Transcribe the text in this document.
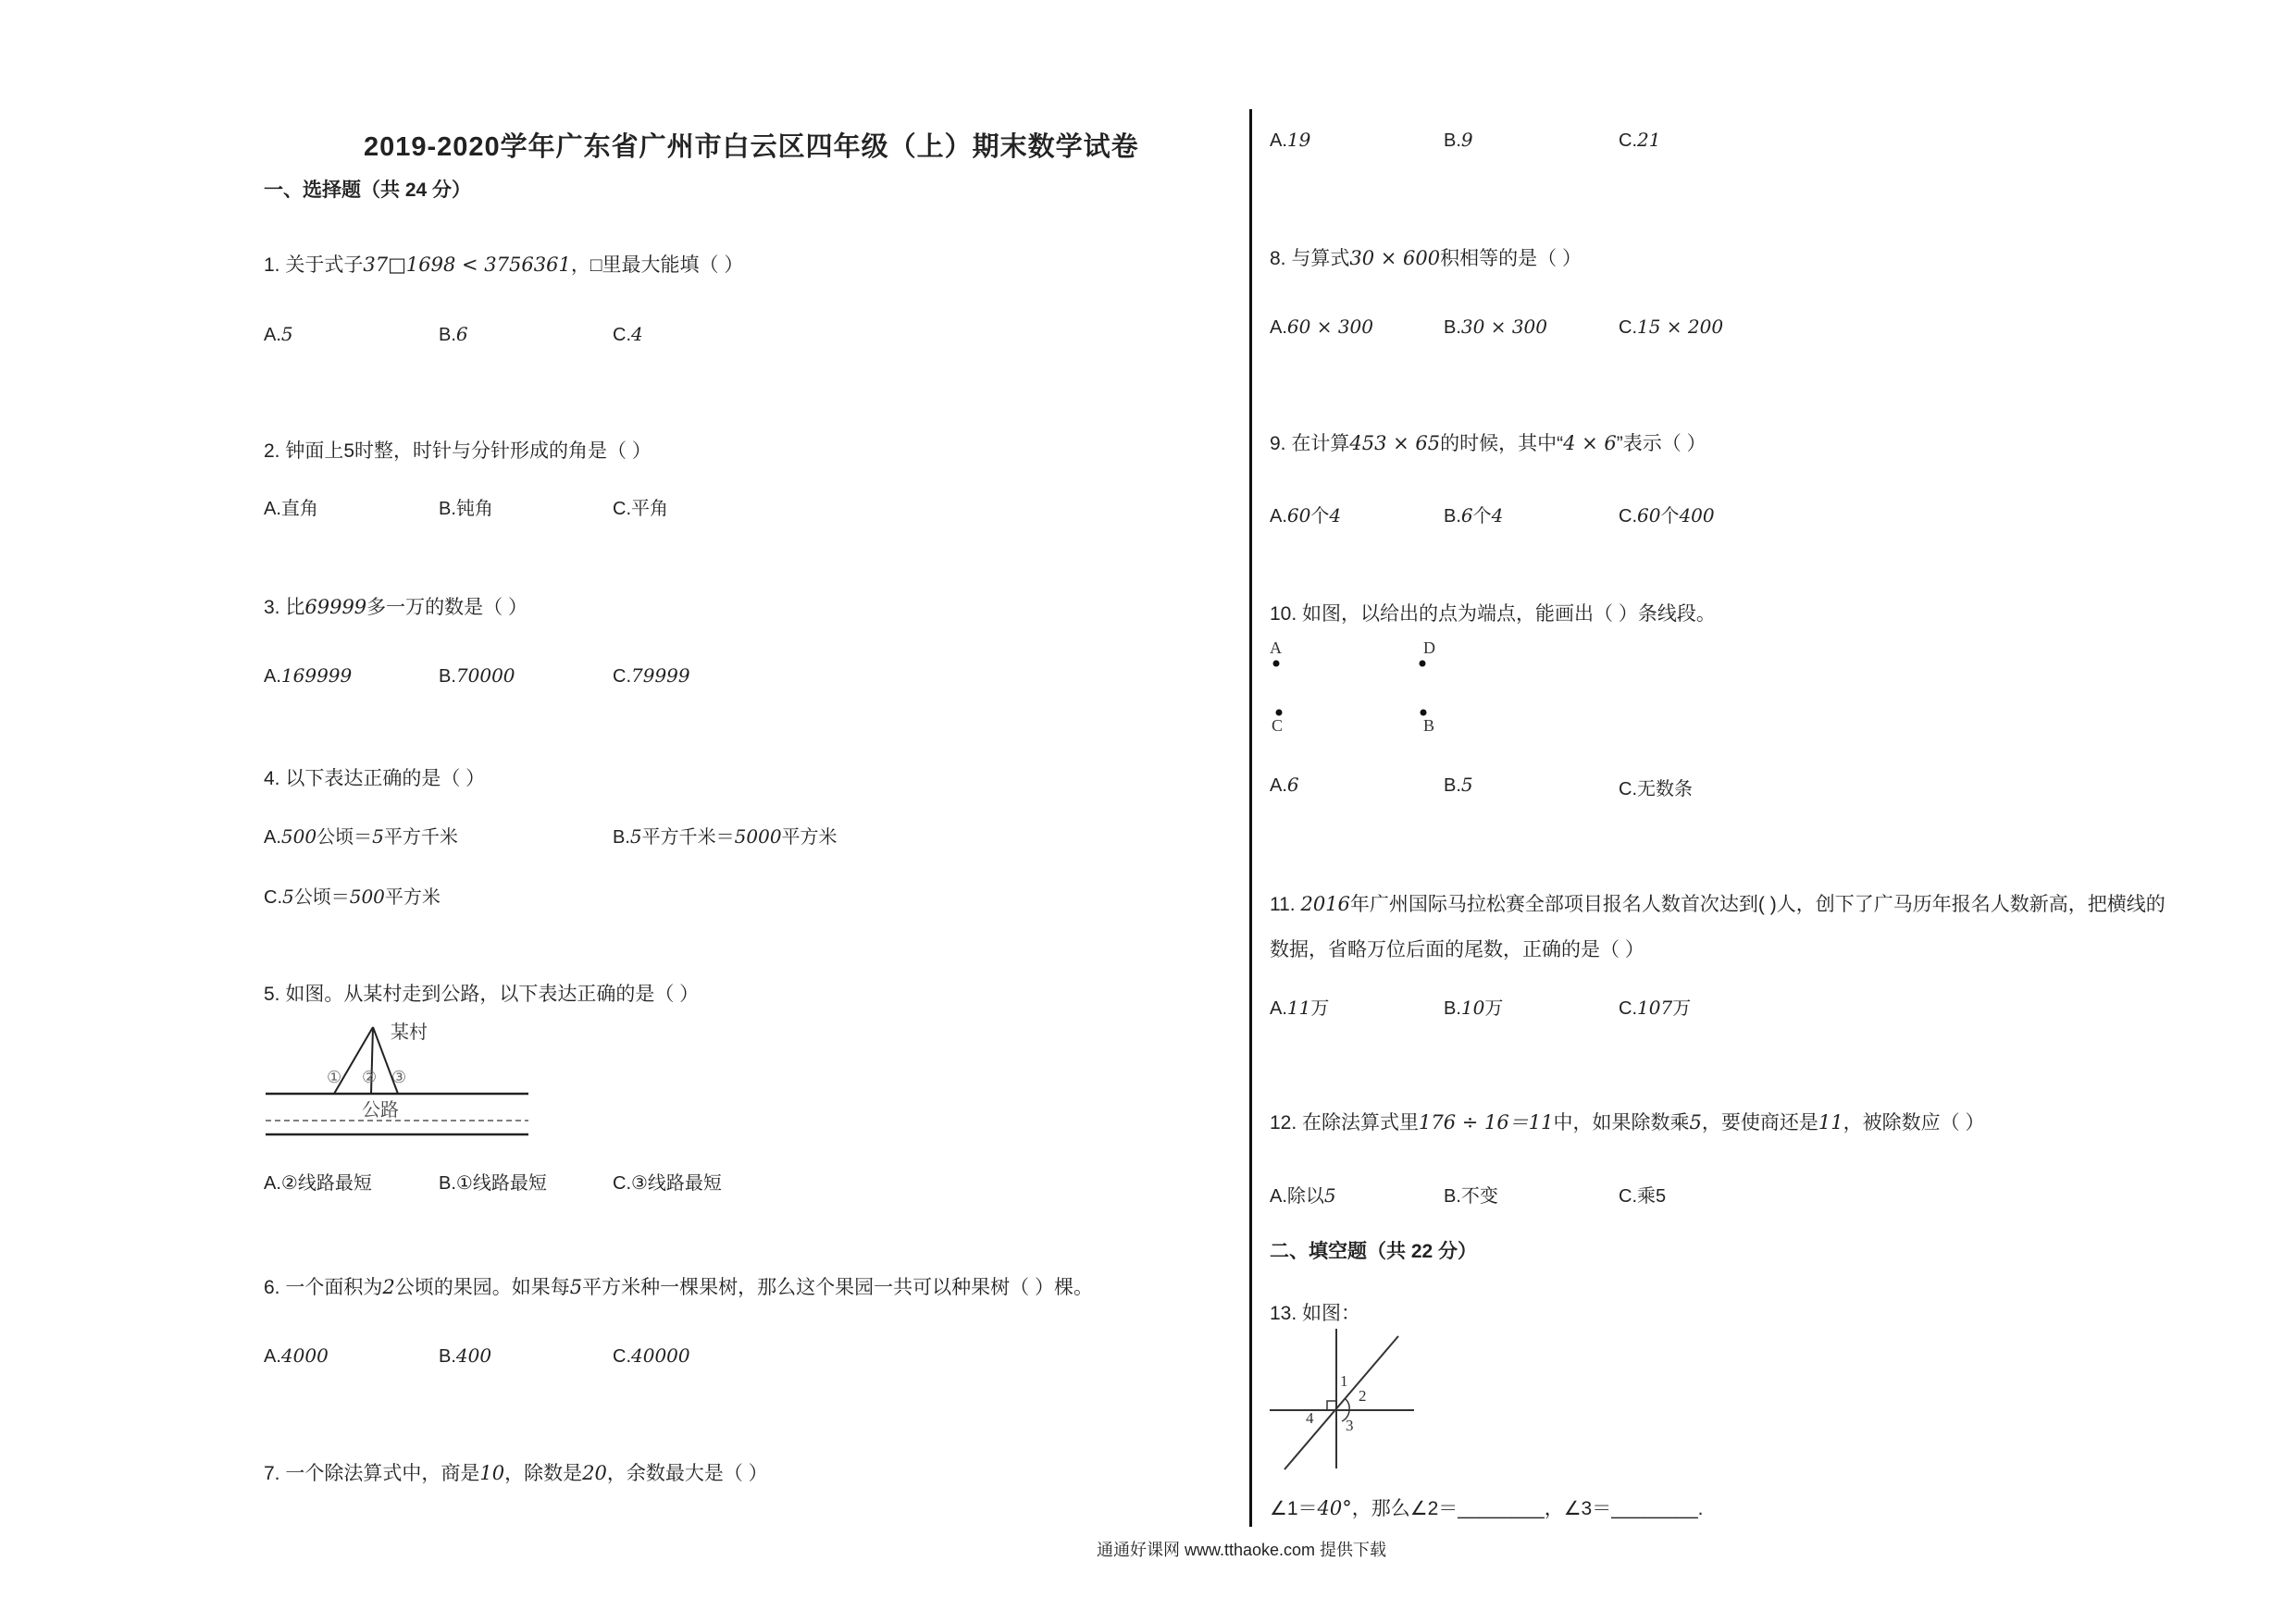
2019-2020学年广东省广州市白云区四年级（上）期末数学试卷
一、选择题（共 24 分）
1. 关于式子37□1698 < 3756361，□里最大能填（ ）
A.5	B.6	C.4
2. 钟面上5时整，时针与分针形成的角是（ ）
A.直角	B.钝角	C.平角
3. 比69999多一万的数是（ ）
A.169999	B.70000	C.79999
4. 以下表达正确的是（ ）
A.500公顷＝5平方千米	B.5平方千米＝5000平方米
C.5公顷＝500平方米
5. 如图。从某村走到公路，以下表达正确的是（ ）
某村
① ② ③
公路
A.②线路最短	B.①线路最短	C.③线路最短
6. 一个面积为2公顷的果园。如果每5平方米种一棵果树，那么这个果园一共可以种果树（ ）棵。
A.4000	B.400	C.40000
7. 一个除法算式中，商是10，除数是20，余数最大是（ ）
A.19	B.9	C.21
8. 与算式30 × 600积相等的是（ ）
A.60 × 300	B.30 × 300	C.15 × 200
9. 在计算453 × 65的时候，其中“4 × 6”表示（ ）
A.60个4	B.6个4	C.60个400
10. 如图，以给出的点为端点，能画出（ ）条线段。
A	D
C	B
A.6	B.5	C.无数条
11. 2016年广州国际马拉松赛全部项目报名人数首次达到( )人，创下了广马历年报名人数新高，把横线的
数据，省略万位后面的尾数，正确的是（ ）
A.11万	B.10万	C.107万
12. 在除法算式里176 ÷ 16＝11中，如果除数乘5，要使商还是11，被除数应（ ）
A.除以5	B.不变	C.乘5
二、填空题（共 22 分）
13. 如图：
1
2
3
4
∠1＝40°，那么∠2＝________，∠3＝________.
通通好课网 www.tthaoke.com 提供下载
